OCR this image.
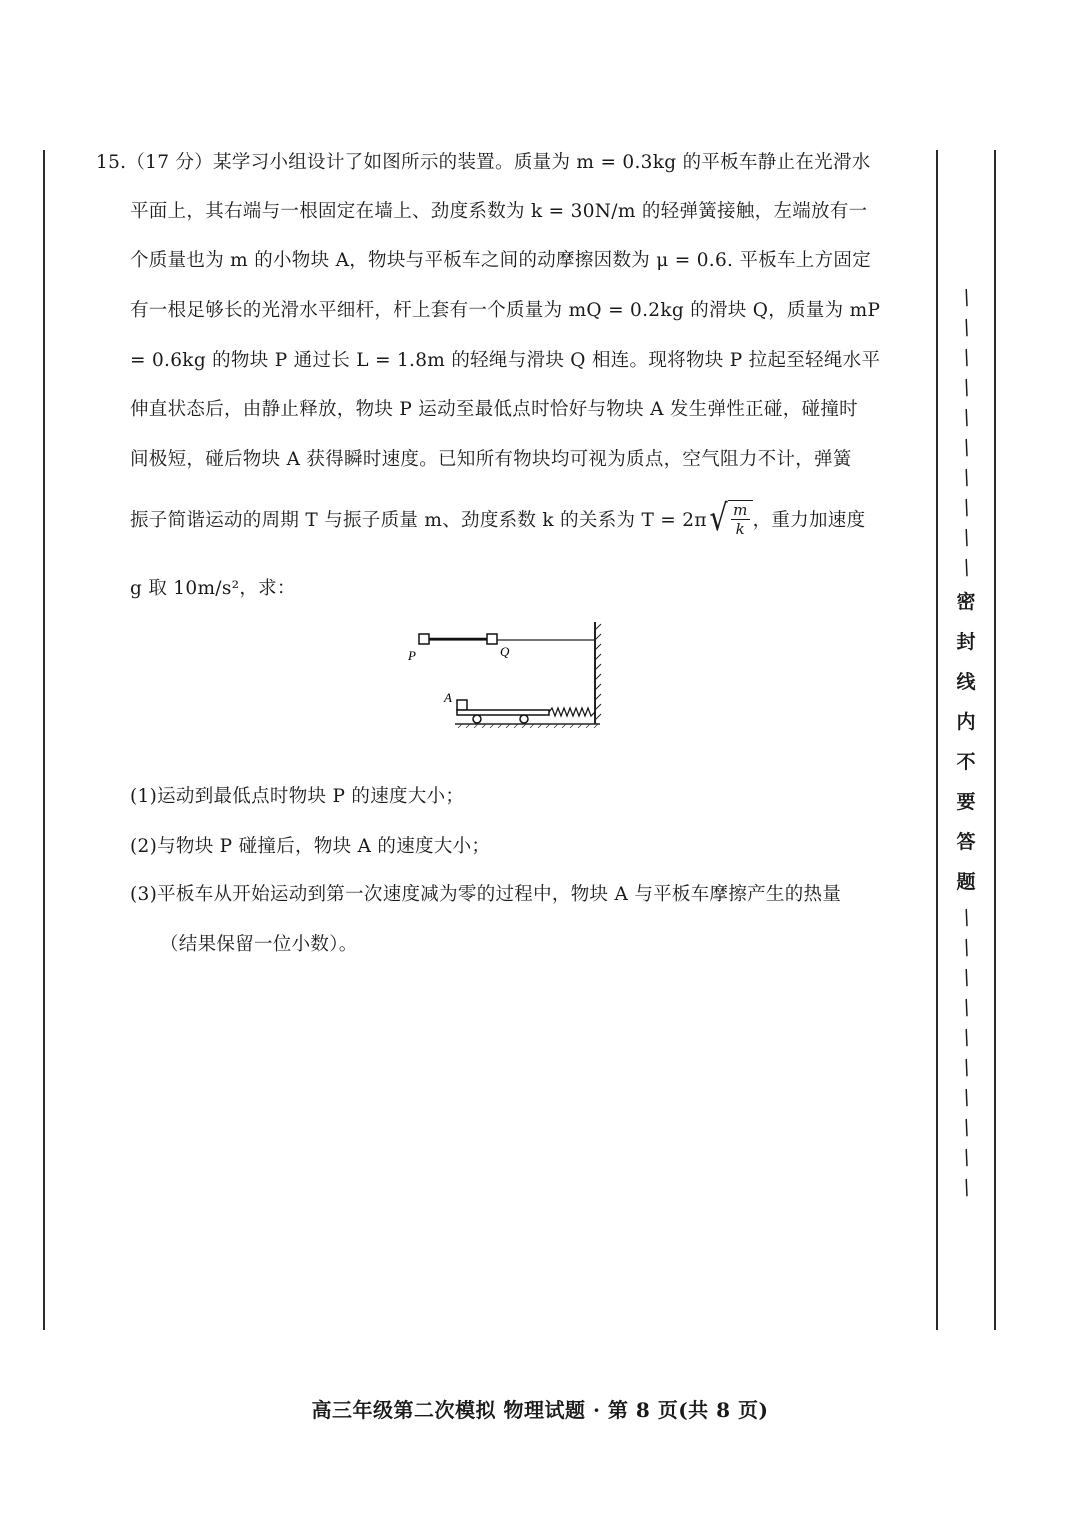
15.（17 分）某学习小组设计了如图所示的装置。质量为 m = 0.3kg 的平板车静止在光滑水
平面上，其右端与一根固定在墙上、劲度系数为 k = 30N/m 的轻弹簧接触，左端放有一
个质量也为 m 的小物块 A，物块与平板车之间的动摩擦因数为 μ = 0.6. 平板车上方固定
有一根足够长的光滑水平细杆，杆上套有一个质量为 mQ = 0.2kg 的滑块 Q，质量为 mP
= 0.6kg 的物块 P 通过长 L = 1.8m 的轻绳与滑块 Q 相连。现将物块 P 拉起至轻绳水平
伸直状态后，由静止释放，物块 P 运动至最低点时恰好与物块 A 发生弹性正碰，碰撞时
间极短，碰后物块 A 获得瞬时速度。已知所有物块均可视为质点，空气阻力不计，弹簧
振子简谐运动的周期 T 与振子质量 m、劲度系数 k 的关系为 T = 2π √ $\frac{m}{k}$ ，重力加速度
g 取 10m/s²，求：
P	Q
A
(1)运动到最低点时物块 P 的速度大小；
(2)与物块 P 碰撞后，物块 A 的速度大小；
(3)平板车从开始运动到第一次速度减为零的过程中，物块 A 与平板车摩擦产生的热量
（结果保留一位小数）。
/
/
/
/
/
/
/
/
/
/
密
封
线
内
不
要
答
题
/
/
/
/
/
/
/
/
/
/
高三年级第二次模拟 物理试题 · 第 8 页(共 8 页)
